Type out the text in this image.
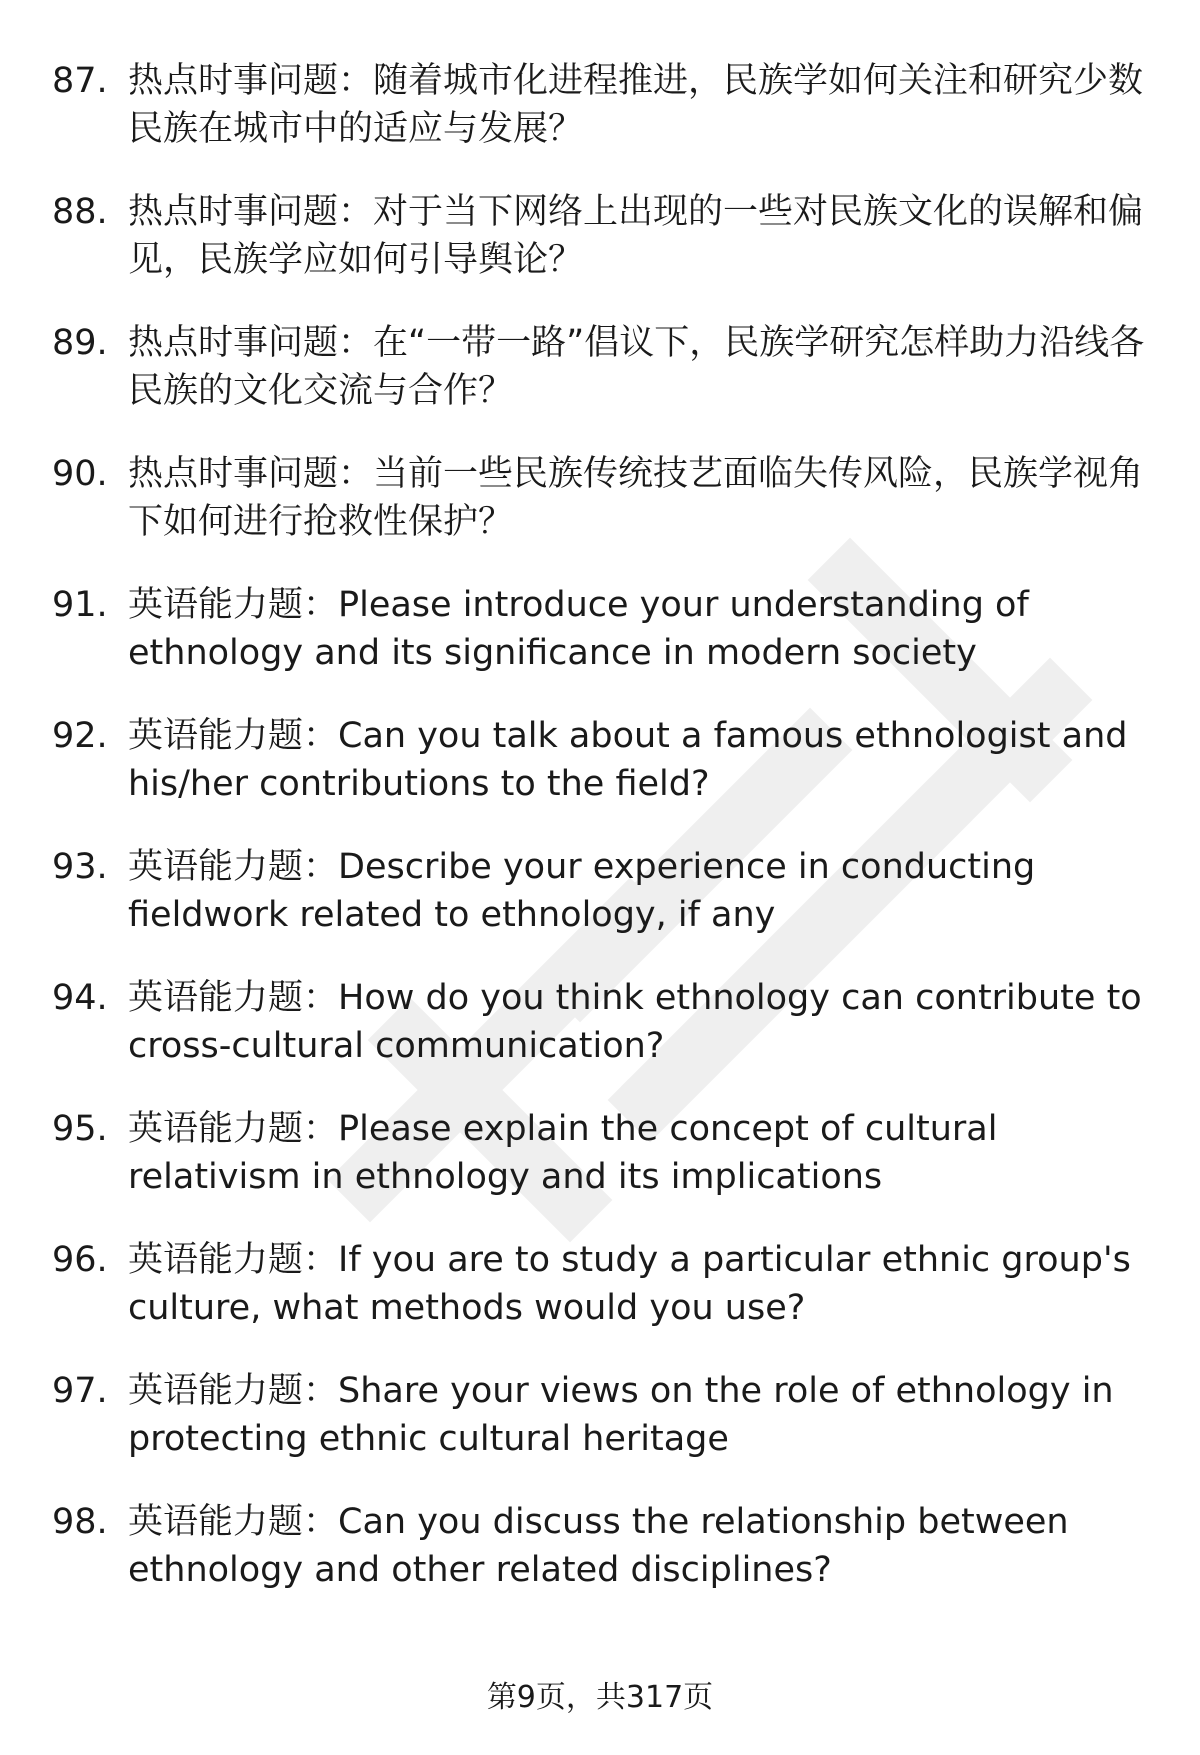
87. 热点时事问题：随着城市化进程推进，民族学如何关注和研究少数民族在城市中的适应与发展？
88. 热点时事问题：对于当下网络上出现的一些对民族文化的误解和偏见，民族学应如何引导舆论？
89. 热点时事问题：在“一带一路”倡议下，民族学研究怎样助力沿线各民族的文化交流与合作？
90. 热点时事问题：当前一些民族传统技艺面临失传风险，民族学视角下如何进行抢救性保护？
91. 英语能力题：Please introduce your understanding of ethnology and its significance in modern society
92. 英语能力题：Can you talk about a famous ethnologist and his/her contributions to the field?
93. 英语能力题：Describe your experience in conducting fieldwork related to ethnology, if any
94. 英语能力题：How do you think ethnology can contribute to cross-cultural communication?
95. 英语能力题：Please explain the concept of cultural relativism in ethnology and its implications
96. 英语能力题：If you are to study a particular ethnic group's culture, what methods would you use?
97. 英语能力题：Share your views on the role of ethnology in protecting ethnic cultural heritage
98. 英语能力题：Can you discuss the relationship between ethnology and other related disciplines?
第9页，共317页
